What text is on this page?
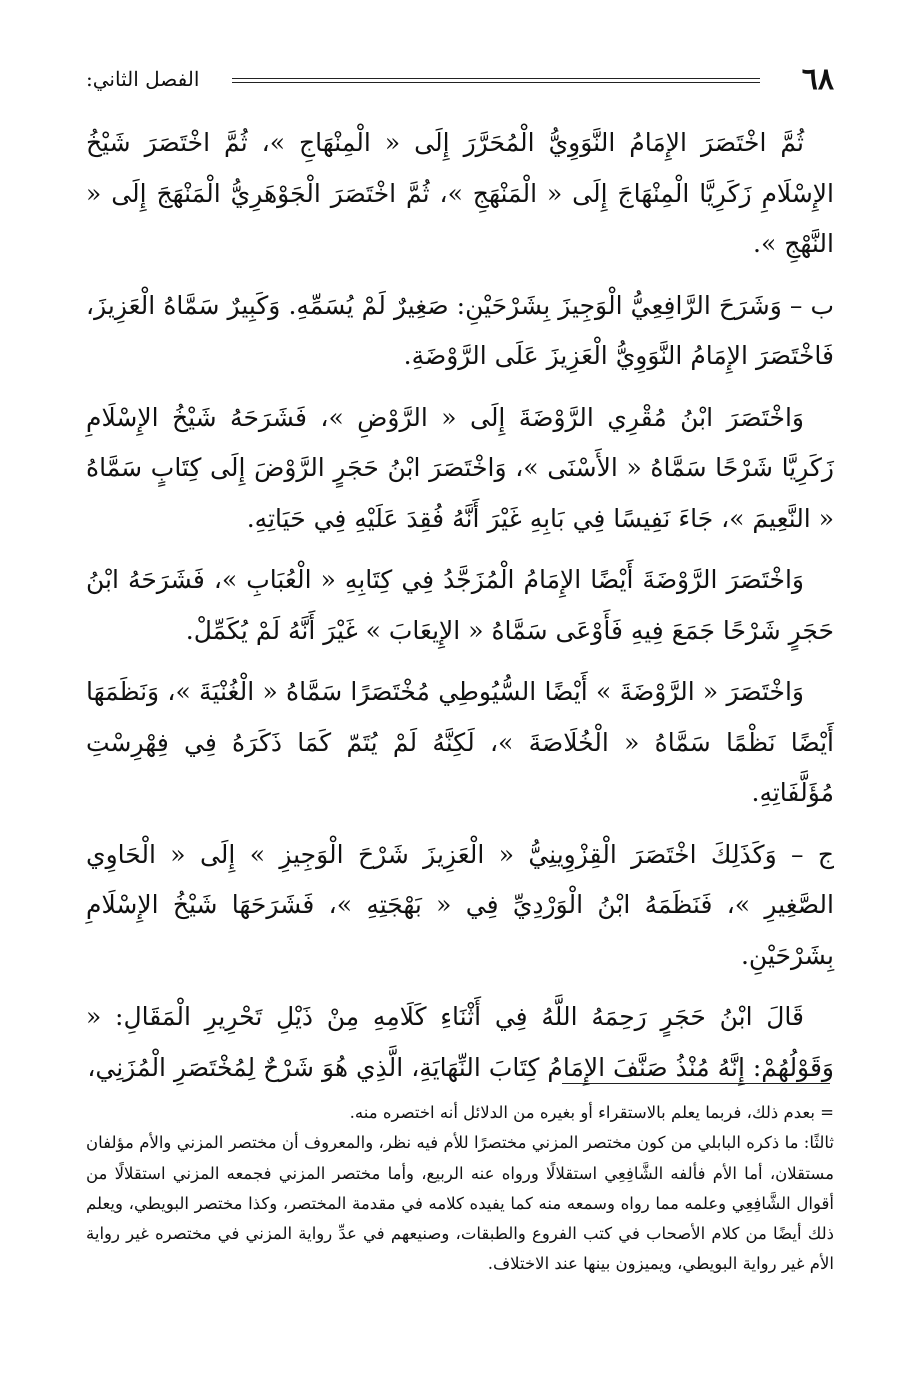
٦٨
الفصل الثاني:

ثُمَّ اخْتَصَرَ الإِمَامُ النَّوَوِيُّ الْمُحَرَّرَ إِلَى « الْمِنْهَاجِ »، ثُمَّ اخْتَصَرَ شَيْخُ الإِسْلَامِ زَكَرِيَّا الْمِنْهَاجَ إِلَى « الْمَنْهَجِ »، ثُمَّ اخْتَصَرَ الْجَوْهَرِيُّ الْمَنْهَجَ إِلَى « النَّهْجِ ».

ب – وَشَرَحَ الرَّافِعِيُّ الْوَجِيزَ بِشَرْحَيْنِ: صَغِيرٌ لَمْ يُسَمِّهِ. وَكَبِيرٌ سَمَّاهُ الْعَزِيزَ، فَاخْتَصَرَ الإِمَامُ النَّوَوِيُّ الْعَزِيزَ عَلَى الرَّوْضَةِ.

وَاخْتَصَرَ ابْنُ مُقْرِي الرَّوْضَةَ إِلَى « الرَّوْضِ »، فَشَرَحَهُ شَيْخُ الإِسْلَامِ زَكَرِيَّا شَرْحًا سَمَّاهُ « الأَسْنَى »، وَاخْتَصَرَ ابْنُ حَجَرٍ الرَّوْضَ إِلَى كِتَابٍ سَمَّاهُ « النَّعِيمَ »، جَاءَ نَفِيسًا فِي بَابِهِ غَيْرَ أَنَّهُ فُقِدَ عَلَيْهِ فِي حَيَاتِهِ.

وَاخْتَصَرَ الرَّوْضَةَ أَيْضًا الإِمَامُ الْمُزَجَّدُ فِي كِتَابِهِ « الْعُبَابِ »، فَشَرَحَهُ ابْنُ حَجَرٍ شَرْحًا جَمَعَ فِيهِ فَأَوْعَى سَمَّاهُ « الإِيعَابَ » غَيْرَ أَنَّهُ لَمْ يُكَمِّلْ.

وَاخْتَصَرَ « الرَّوْضَةَ » أَيْضًا السُّيُوطِي مُخْتَصَرًا سَمَّاهُ « الْغُنْيَةَ »، وَنَظَمَهَا أَيْضًا نَظْمًا سَمَّاهُ « الْخُلَاصَةَ »، لَكِنَّهُ لَمْ يُتَمّ كَمَا ذَكَرَهُ فِي فِهْرِسْتِ مُؤَلَّفَاتِهِ.

ج – وَكَذَلِكَ اخْتَصَرَ الْقِزْوِينِيُّ « الْعَزِيزَ شَرْحَ الْوَجِيزِ » إِلَى « الْحَاوِي الصَّغِيرِ »، فَنَظَمَهُ ابْنُ الْوَرْدِيِّ فِي « بَهْجَتِهِ »، فَشَرَحَهَا شَيْخُ الإِسْلَامِ بِشَرْحَيْنِ.

قَالَ ابْنُ حَجَرٍ رَحِمَهُ اللَّهُ فِي أَثْنَاءِ كَلَامِهِ مِنْ ذَيْلِ تَحْرِيرِ الْمَقَالِ: « وَقَوْلُهُمْ: إِنَّهُ مُنْذُ صَنَّفَ الإِمَامُ كِتَابَ النِّهَايَةِ، الَّذِي هُوَ شَرْحٌ لِمُخْتَصَرِ الْمُزَنِي،

= بعدم ذلك، فربما يعلم بالاستقراء أو بغيره من الدلائل أنه اختصره منه.

ثالثًا: ما ذكره البابلي من كون مختصر المزني مختصرًا للأم فيه نظر، والمعروف أن مختصر المزني والأم مؤلفان مستقلان، أما الأم فألفه الشَّافِعِي استقلالًا ورواه عنه الربيع، وأما مختصر المزني فجمعه المزني استقلالًا من أقوال الشَّافِعِي وعلمه مما رواه وسمعه منه كما يفيده كلامه في مقدمة المختصر، وكذا مختصر البويطي، ويعلم ذلك أيضًا من كلام الأصحاب في كتب الفروع والطبقات، وصنيعهم في عدِّ رواية المزني في مختصره غير رواية الأم غير رواية البويطي، ويميزون بينها عند الاختلاف.
